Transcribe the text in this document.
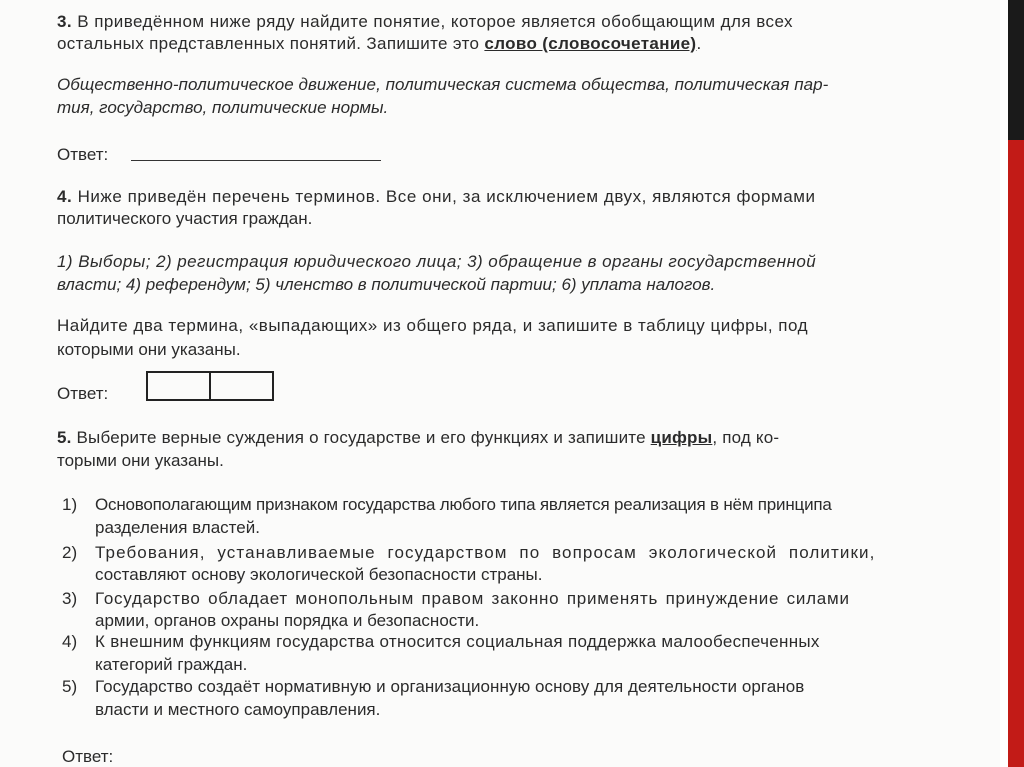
3. В приведённом ниже ряду найдите понятие, которое является обобщающим для всех
остальных представленных понятий. Запишите это слово (словосочетание).
Общественно-политическое движение, политическая система общества, политическая пар-
тия, государство, политические нормы.
Ответ:
4. Ниже приведён перечень терминов. Все они, за исключением двух, являются формами
политического участия граждан.
1) Выборы; 2) регистрация юридического лица; 3) обращение в органы государственной
власти; 4) референдум; 5) членство в политической партии; 6) уплата налогов.
Найдите два термина, «выпадающих» из общего ряда, и запишите в таблицу цифры, под
которыми они указаны.
Ответ:
5. Выберите верные суждения о государстве и его функциях и запишите цифры, под ко-
торыми они указаны.
1) Основополагающим признаком государства любого типа является реализация в нём принципа
разделения властей.
2) Требования, устанавливаемые государством по вопросам экологической политики,
составляют основу экологической безопасности страны.
3) Государство обладает монопольным правом законно применять принуждение силами
армии, органов охраны порядка и безопасности.
4) К внешним функциям государства относится социальная поддержка малообеспеченных
категорий граждан.
5) Государство создаёт нормативную и организационную основу для деятельности органов
власти и местного самоуправления.
Ответ:
